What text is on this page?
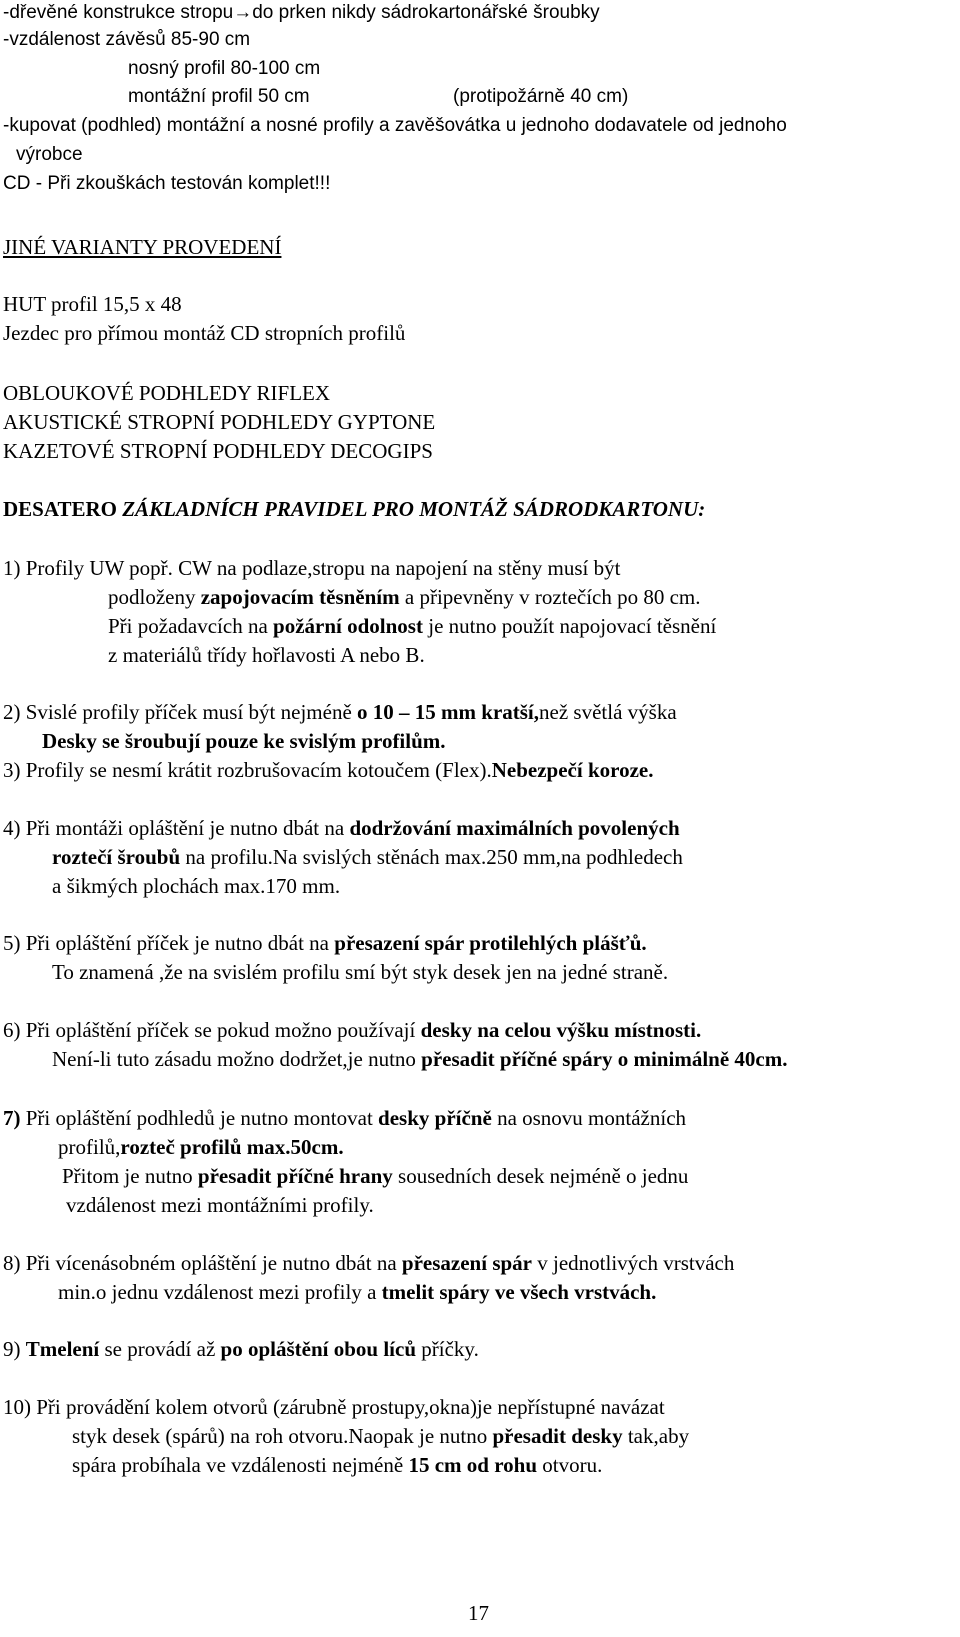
-dřevěné konstrukce stropu→do prken nikdy sádrokartonářské šroubky
-vzdálenost závěsů 85-90 cm
nosný profil 80-100 cm
montážní profil 50 cm	(protipožárně 40 cm)
-kupovat (podhled) montážní a nosné profily a zavěšovátka u jednoho dodavatele od jednoho
výrobce
CD - Při zkouškách testován komplet!!!
JINÉ VARIANTY PROVEDENÍ
HUT profil 15,5 x 48
Jezdec pro přímou montáž CD stropních profilů
OBLOUKOVÉ PODHLEDY RIFLEX
AKUSTICKÉ STROPNÍ PODHLEDY GYPTONE
KAZETOVÉ STROPNÍ PODHLEDY DECOGIPS
DESATERO ZÁKLADNÍCH PRAVIDEL PRO MONTÁŽ SÁDRODKARTONU:
1) Profily UW popř. CW na podlaze,stropu na napojení na stěny musí být
podloženy zapojovacím těsněním a připevněny v roztečích po 80 cm.
Při požadavcích na požární odolnost je nutno použít napojovací těsnění
z materiálů třídy hořlavosti A nebo B.
2) Svislé profily příček musí být nejméně o 10 – 15 mm kratší,než světlá výška
Desky se šroubují pouze ke svislým profilům.
3) Profily se nesmí krátit rozbrušovacím kotoučem (Flex).Nebezpečí koroze.
4) Při montáži opláštění je nutno dbát na dodržování maximálních povolených
roztečí šroubů na profilu.Na svislých stěnách max.250 mm,na podhledech
a šikmých plochách max.170 mm.
5) Při opláštění příček je nutno dbát na přesazení spár protilehlých plášťů.
To znamená ,že na svislém profilu smí být styk desek jen na jedné straně.
6) Při opláštění příček se pokud možno používají desky na celou výšku místnosti.
Není-li tuto zásadu možno dodržet,je nutno přesadit příčné spáry o minimálně 40cm.
7) Při opláštění podhledů je nutno montovat desky příčně na osnovu montážních
profilů,rozteč profilů max.50cm.
Přitom je nutno přesadit příčné hrany sousedních desek nejméně o jednu
vzdálenost mezi montážními profily.
8) Při vícenásobném opláštění je nutno dbát na přesazení spár v jednotlivých vrstvách
min.o jednu vzdálenost mezi profily a tmelit spáry ve všech vrstvách.
9) Tmelení se provádí až po opláštění obou líců příčky.
10) Při provádění kolem otvorů (zárubně prostupy,okna)je nepřístupné navázat
styk desek (spárů) na roh otvoru.Naopak je nutno přesadit desky tak,aby
spára probíhala ve vzdálenosti nejméně 15 cm od rohu otvoru.
17
